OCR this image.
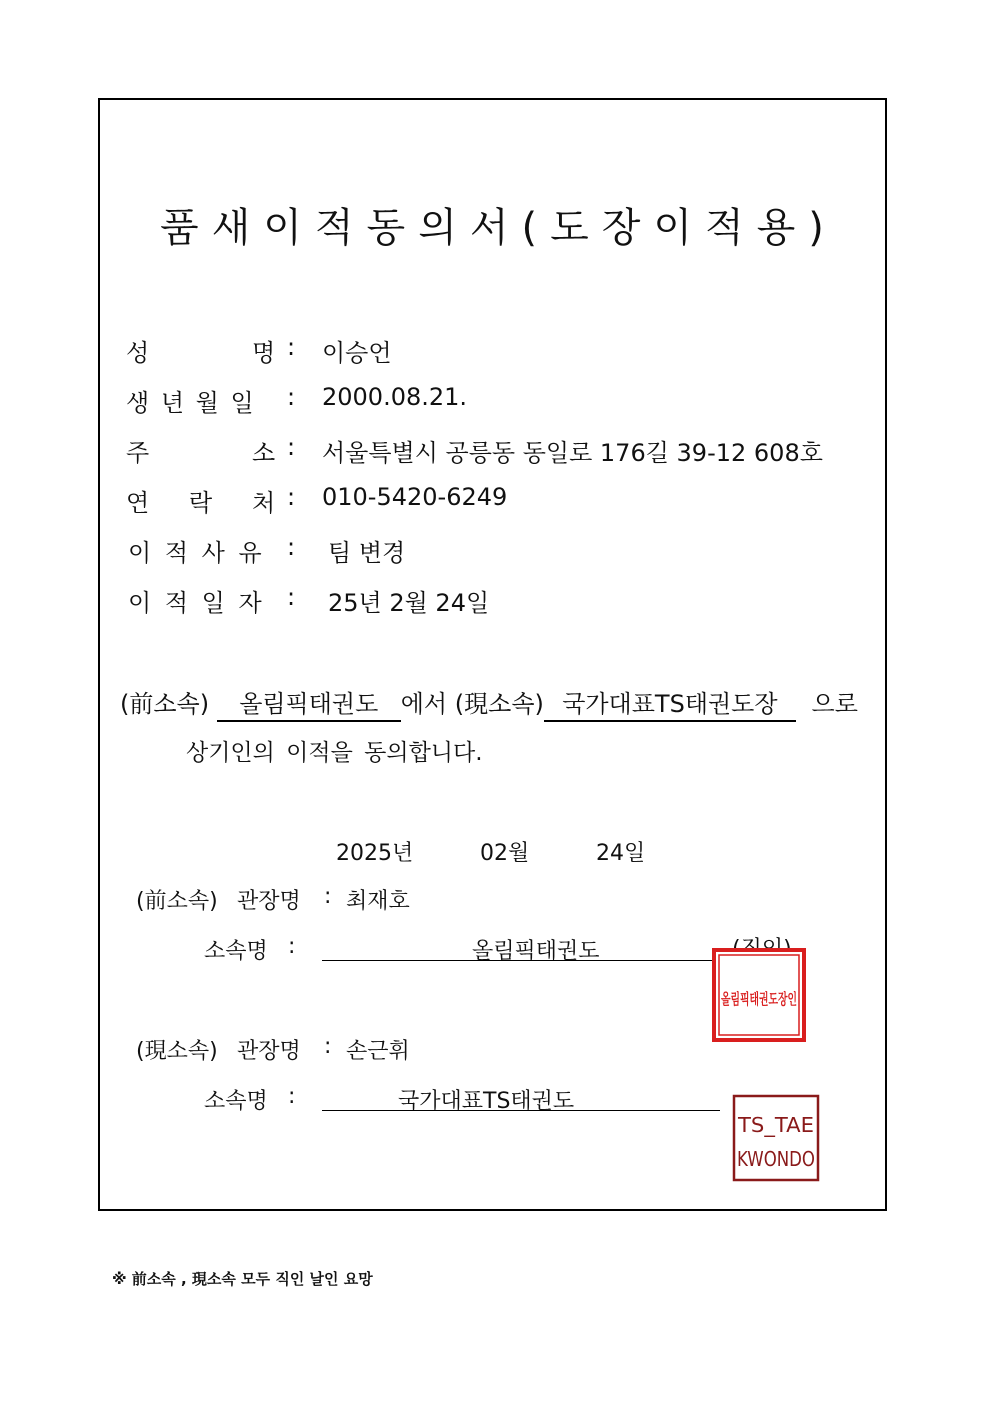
품새이적동의서(도장이적용)
성	명 : 이승언
생 년 월 일 : 2000.08.21.
주	소 : 서울특별시 공릉동 동일로 176길 39-12 608호
연 락 처 : 010-5420-6249
이 적 사 유 : 팀 변경
이 적 일 자 : 25년 2월 24일
(前소속) 올림픽태권도 에서 (現소속) 국가대표TS태권도장 으로
상기인의 이적을 동의합니다.
2025년	02월	24일
(前소속) 관장명 : 최재호
소속명 :	올림픽태권도
올림픽태권도장인
(現소속) 관장명 : 손근휘
소속명 :	국가대표TS태권도
TS_TAE
KWONDO
※ 前소속 , 現소속 모두 직인 날인 요망
